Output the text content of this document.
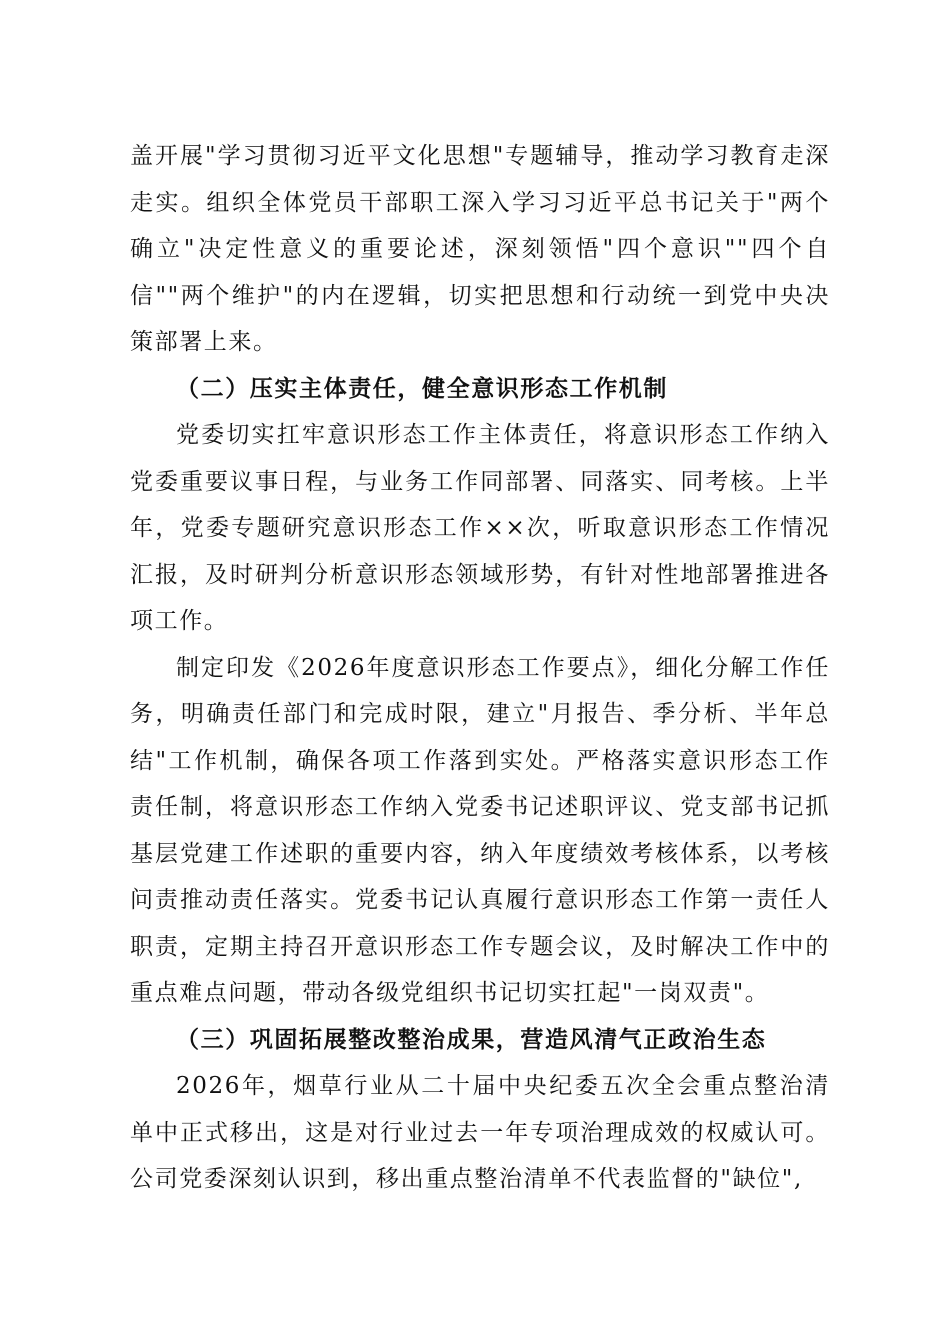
盖开展"学习贯彻习近平文化思想"专题辅导，推动学习教育走深走实。组织全体党员干部职工深入学习习近平总书记关于"两个确立"决定性意义的重要论述，深刻领悟"四个意识""四个自信""两个维护"的内在逻辑，切实把思想和行动统一到党中央决策部署上来。

（二）压实主体责任，健全意识形态工作机制

党委切实扛牢意识形态工作主体责任，将意识形态工作纳入党委重要议事日程，与业务工作同部署、同落实、同考核。上半年，党委专题研究意识形态工作××次，听取意识形态工作情况汇报，及时研判分析意识形态领域形势，有针对性地部署推进各项工作。

制定印发《2026年度意识形态工作要点》，细化分解工作任务，明确责任部门和完成时限，建立"月报告、季分析、半年总结"工作机制，确保各项工作落到实处。严格落实意识形态工作责任制，将意识形态工作纳入党委书记述职评议、党支部书记抓基层党建工作述职的重要内容，纳入年度绩效考核体系，以考核问责推动责任落实。党委书记认真履行意识形态工作第一责任人职责，定期主持召开意识形态工作专题会议，及时解决工作中的重点难点问题，带动各级党组织书记切实扛起"一岗双责"。

（三）巩固拓展整改整治成果，营造风清气正政治生态

2026年，烟草行业从二十届中央纪委五次全会重点整治清单中正式移出，这是对行业过去一年专项治理成效的权威认可。公司党委深刻认识到，移出重点整治清单不代表监督的"缺位",
